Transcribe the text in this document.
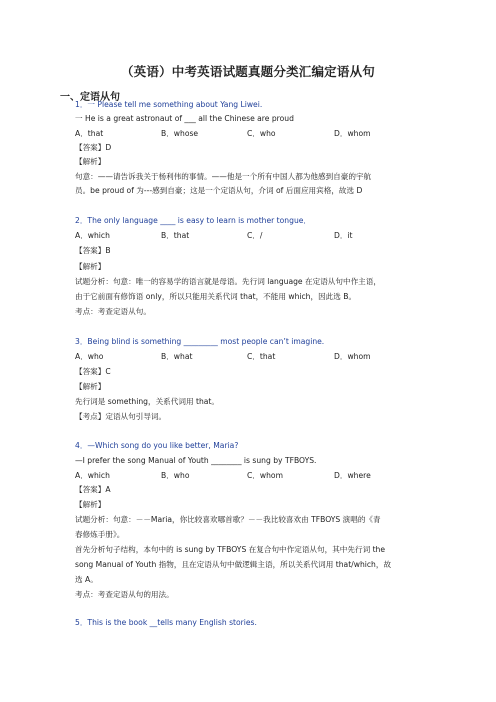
（英语）中考英语试题真题分类汇编定语从句
一、定语从句
1．一 Please tell me something about Yang Liwei.
一 He is a great astronaut of ___ all the Chinese are proud
A．that	B．whose	C．who	D．whom
【答案】D
【解析】
句意：——请告诉我关于杨利伟的事情。——他是一个所有中国人都为他感到自豪的宇航
员。be proud of 为---感到自豪；这是一个定语从句，介词 of 后面应用宾格，故选 D
2．The only language ____ is easy to learn is mother tongue．
A．which	B．that	C．/	D．it
【答案】B
【解析】
试题分析：句意：唯一的容易学的语言就是母语。先行词 language 在定语从句中作主语，
由于它前面有修饰语 only，所以只能用关系代词 that，不能用 which，因此选 B。
考点：考查定语从句。
3．Being blind is something _________ most people can’t imagine.
A．who	B．what	C．that	D．whom
【答案】C
【解析】
先行词是 something，关系代词用 that。
【考点】定语从句引导词。
4．—Which song do you like better, Maria?
—I prefer the song Manual of Youth ________ is sung by TFBOYS.
A．which	B．who	C．whom	D．where
【答案】A
【解析】
试题分析：句意：－－Maria，你比较喜欢哪首歌？－－我比较喜欢由 TFBOYS 演唱的《青
春修炼手册》。
首先分析句子结构，本句中的 is sung by TFBOYS 在复合句中作定语从句，其中先行词 the
song Manual of Youth 指物，且在定语从句中做逻辑主语，所以关系代词用 that/which，故
选 A。
考点：考查定语从句的用法。
5．This is the book __tells many English stories.
